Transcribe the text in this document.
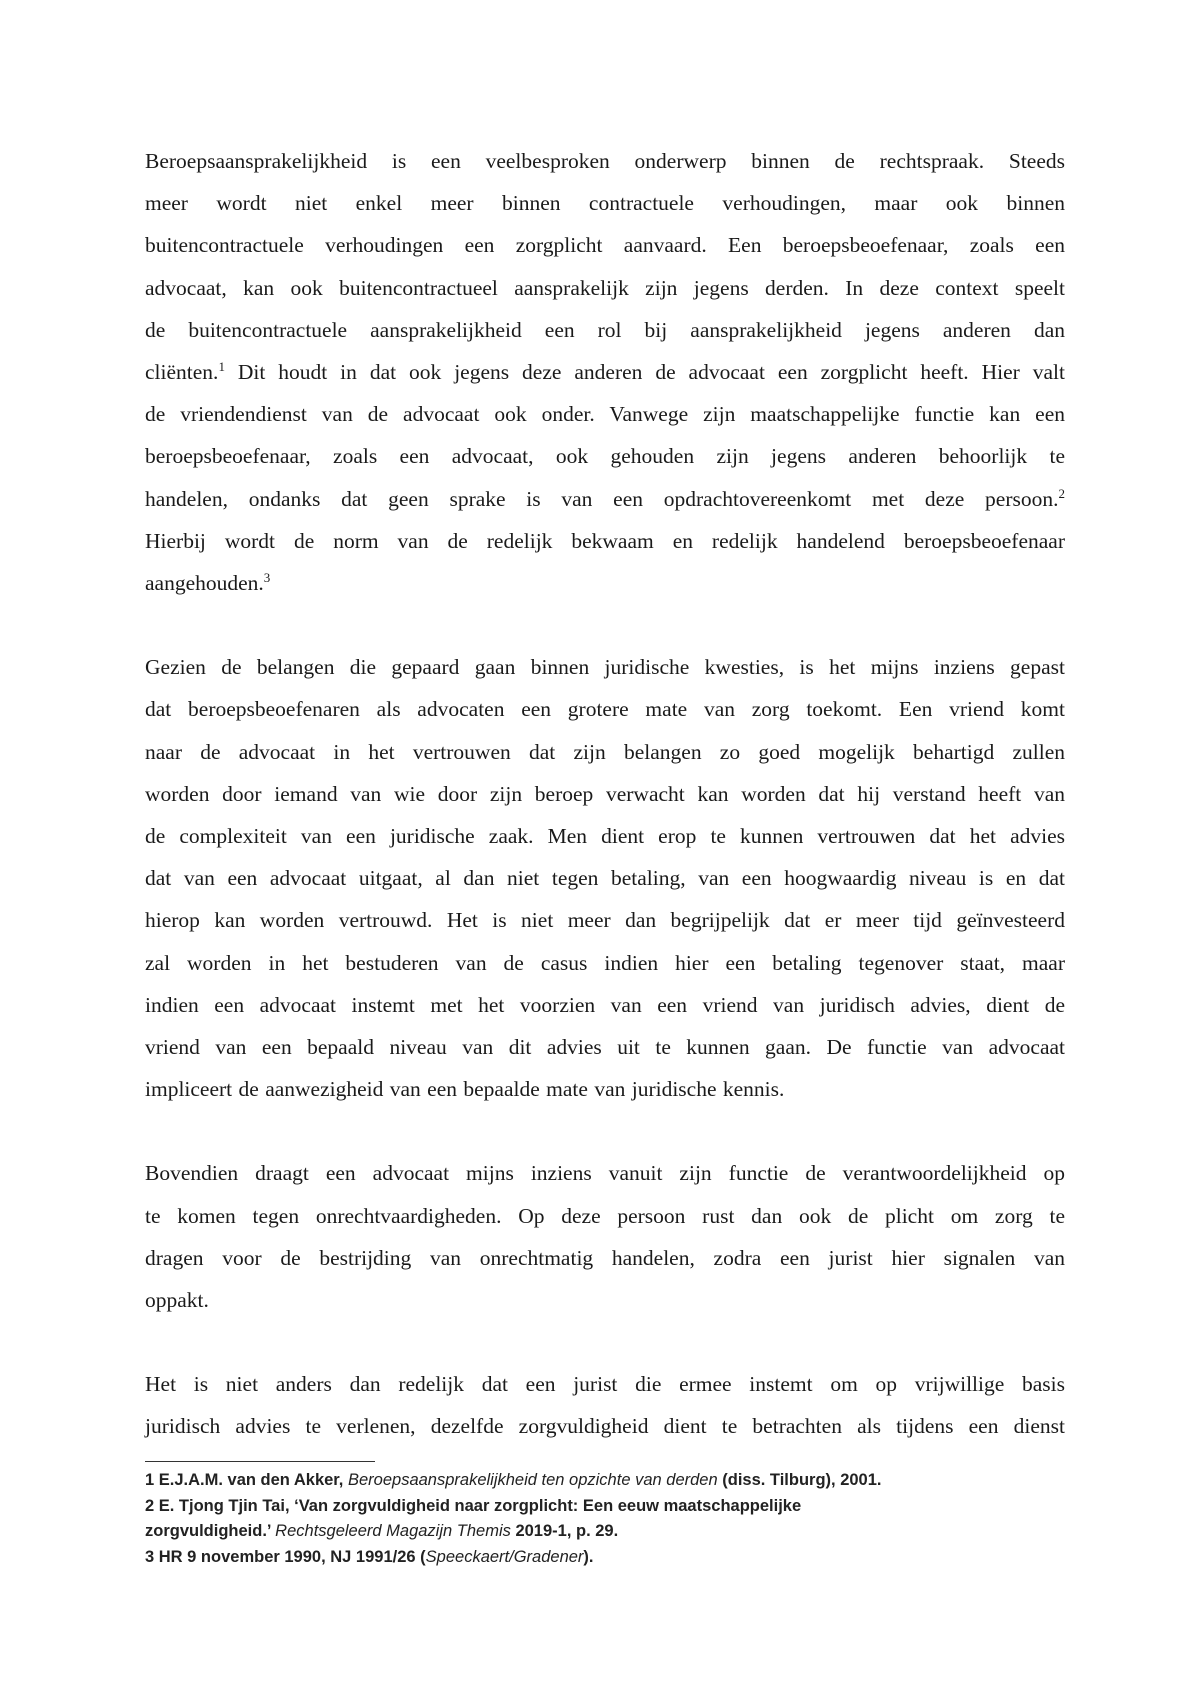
Beroepsaansprakelijkheid is een veelbesproken onderwerp binnen de rechtspraak. Steeds
meer wordt niet enkel meer binnen contractuele verhoudingen, maar ook binnen
buitencontractuele verhoudingen een zorgplicht aanvaard. Een beroepsbeoefenaar, zoals een
advocaat, kan ook buitencontractueel aansprakelijk zijn jegens derden. In deze context speelt
de buitencontractuele aansprakelijkheid een rol bij aansprakelijkheid jegens anderen dan
cliënten.$^1$ Dit houdt in dat ook jegens deze anderen de advocaat een zorgplicht heeft. Hier valt
de vriendendienst van de advocaat ook onder. Vanwege zijn maatschappelijke functie kan een
beroepsbeoefenaar, zoals een advocaat, ook gehouden zijn jegens anderen behoorlijk te
handelen, ondanks dat geen sprake is van een opdrachtovereenkomt met deze persoon.$^2$
Hierbij wordt de norm van de redelijk bekwaam en redelijk handelend beroepsbeoefenaar
aangehouden.$^3$

Gezien de belangen die gepaard gaan binnen juridische kwesties, is het mijns inziens gepast
dat beroepsbeoefenaren als advocaten een grotere mate van zorg toekomt. Een vriend komt
naar de advocaat in het vertrouwen dat zijn belangen zo goed mogelijk behartigd zullen
worden door iemand van wie door zijn beroep verwacht kan worden dat hij verstand heeft van
de complexiteit van een juridische zaak. Men dient erop te kunnen vertrouwen dat het advies
dat van een advocaat uitgaat, al dan niet tegen betaling, van een hoogwaardig niveau is en dat
hierop kan worden vertrouwd. Het is niet meer dan begrijpelijk dat er meer tijd geïnvesteerd
zal worden in het bestuderen van de casus indien hier een betaling tegenover staat, maar
indien een advocaat instemt met het voorzien van een vriend van juridisch advies, dient de
vriend van een bepaald niveau van dit advies uit te kunnen gaan. De functie van advocaat
impliceert de aanwezigheid van een bepaalde mate van juridische kennis.

Bovendien draagt een advocaat mijns inziens vanuit zijn functie de verantwoordelijkheid op
te komen tegen onrechtvaardigheden. Op deze persoon rust dan ook de plicht om zorg te
dragen voor de bestrijding van onrechtmatig handelen, zodra een jurist hier signalen van
oppakt.

Het is niet anders dan redelijk dat een jurist die ermee instemt om op vrijwillige basis
juridisch advies te verlenen, dezelfde zorgvuldigheid dient te betrachten als tijdens een dienst

1 E.J.A.M. van den Akker, Beroepsaansprakelijkheid ten opzichte van derden (diss. Tilburg), 2001.
2 E. Tjong Tjin Tai, ‘Van zorgvuldigheid naar zorgplicht: Een eeuw maatschappelijke
zorgvuldigheid.’ Rechtsgeleerd Magazijn Themis 2019-1, p. 29.
3 HR 9 november 1990, NJ 1991/26 (Speeckaert/Gradener).
